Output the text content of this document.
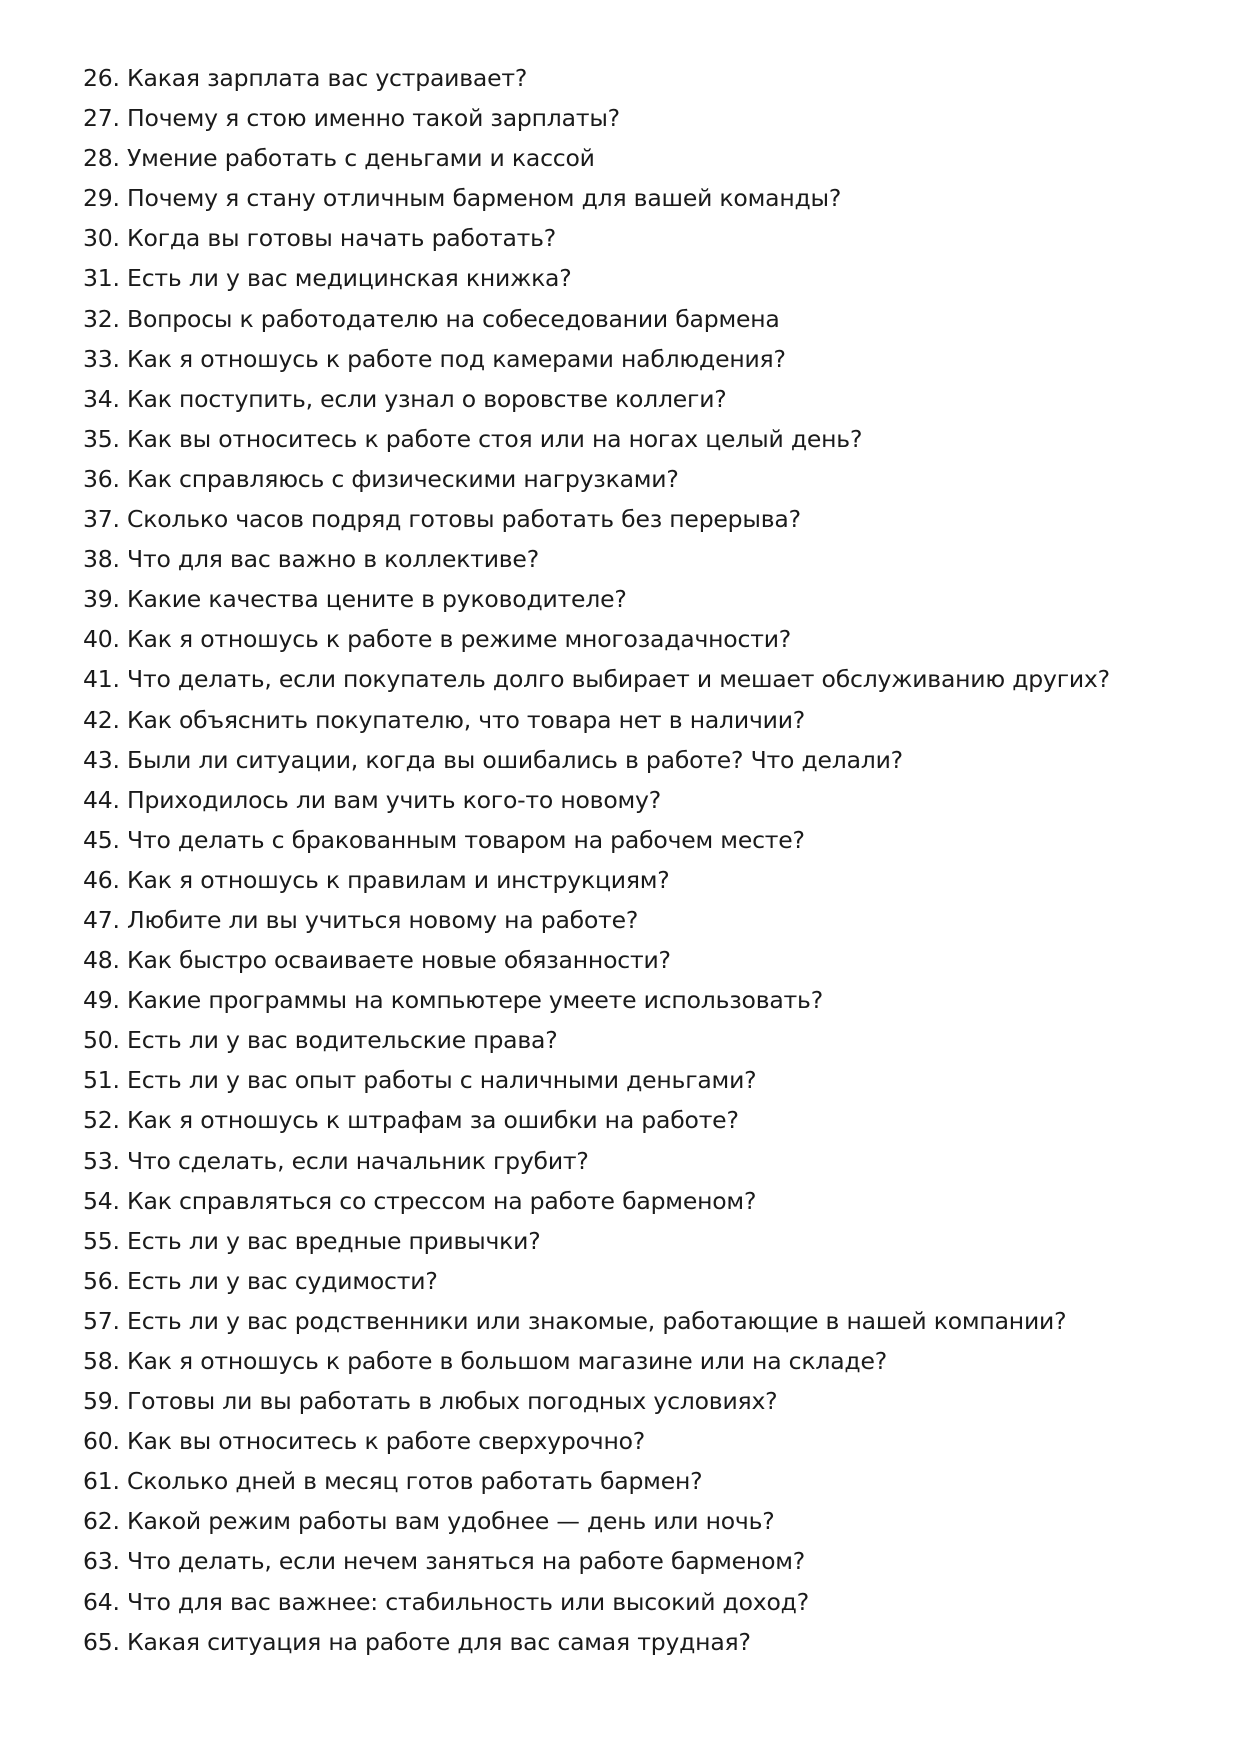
26. Какая зарплата вас устраивает?
27. Почему я стою именно такой зарплаты?
28. Умение работать с деньгами и кассой
29. Почему я стану отличным барменом для вашей команды?
30. Когда вы готовы начать работать?
31. Есть ли у вас медицинская книжка?
32. Вопросы к работодателю на собеседовании бармена
33. Как я отношусь к работе под камерами наблюдения?
34. Как поступить, если узнал о воровстве коллеги?
35. Как вы относитесь к работе стоя или на ногах целый день?
36. Как справляюсь с физическими нагрузками?
37. Сколько часов подряд готовы работать без перерыва?
38. Что для вас важно в коллективе?
39. Какие качества цените в руководителе?
40. Как я отношусь к работе в режиме многозадачности?
41. Что делать, если покупатель долго выбирает и мешает обслуживанию других?
42. Как объяснить покупателю, что товара нет в наличии?
43. Были ли ситуации, когда вы ошибались в работе? Что делали?
44. Приходилось ли вам учить кого-то новому?
45. Что делать с бракованным товаром на рабочем месте?
46. Как я отношусь к правилам и инструкциям?
47. Любите ли вы учиться новому на работе?
48. Как быстро осваиваете новые обязанности?
49. Какие программы на компьютере умеете использовать?
50. Есть ли у вас водительские права?
51. Есть ли у вас опыт работы с наличными деньгами?
52. Как я отношусь к штрафам за ошибки на работе?
53. Что сделать, если начальник грубит?
54. Как справляться со стрессом на работе барменом?
55. Есть ли у вас вредные привычки?
56. Есть ли у вас судимости?
57. Есть ли у вас родственники или знакомые, работающие в нашей компании?
58. Как я отношусь к работе в большом магазине или на складе?
59. Готовы ли вы работать в любых погодных условиях?
60. Как вы относитесь к работе сверхурочно?
61. Сколько дней в месяц готов работать бармен?
62. Какой режим работы вам удобнее — день или ночь?
63. Что делать, если нечем заняться на работе барменом?
64. Что для вас важнее: стабильность или высокий доход?
65. Какая ситуация на работе для вас самая трудная?
